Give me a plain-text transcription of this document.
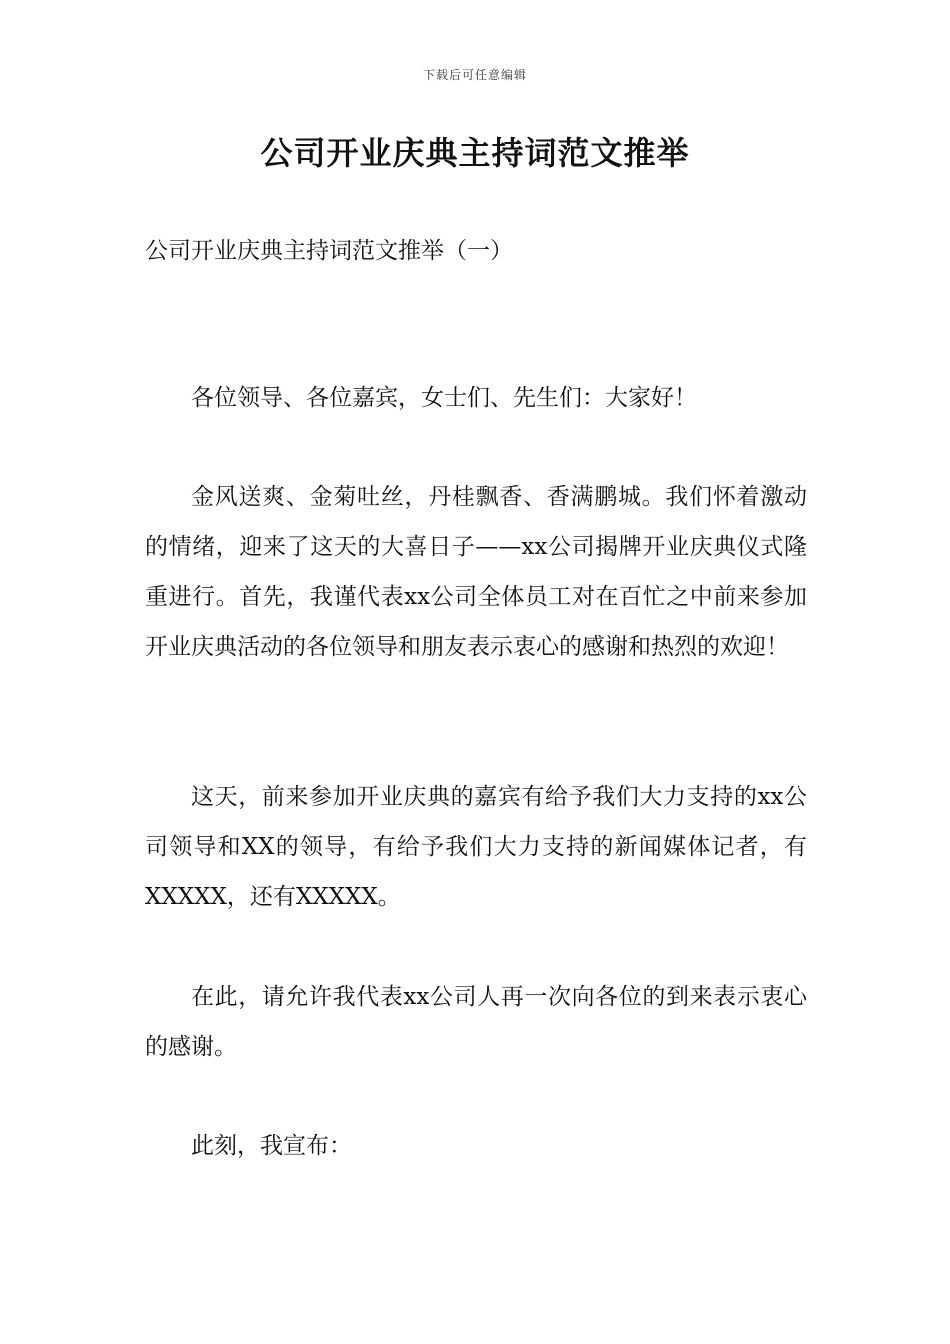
下载后可任意编辑
公司开业庆典主持词范文推举

公司开业庆典主持词范文推举（一）

各位领导、各位嘉宾，女士们、先生们：大家好！

金风送爽、金菊吐丝，丹桂飘香、香满鹏城。我们怀着激动的情绪，迎来了这天的大喜日子——xx公司揭牌开业庆典仪式隆重进行。首先，我谨代表xx公司全体员工对在百忙之中前来参加开业庆典活动的各位领导和朋友表示衷心的感谢和热烈的欢迎！

这天，前来参加开业庆典的嘉宾有给予我们大力支持的xx公司领导和XX的领导，有给予我们大力支持的新闻媒体记者，有XXXXX，还有XXXXX。

在此，请允许我代表xx公司人再一次向各位的到来表示衷心的感谢。

此刻，我宣布：
